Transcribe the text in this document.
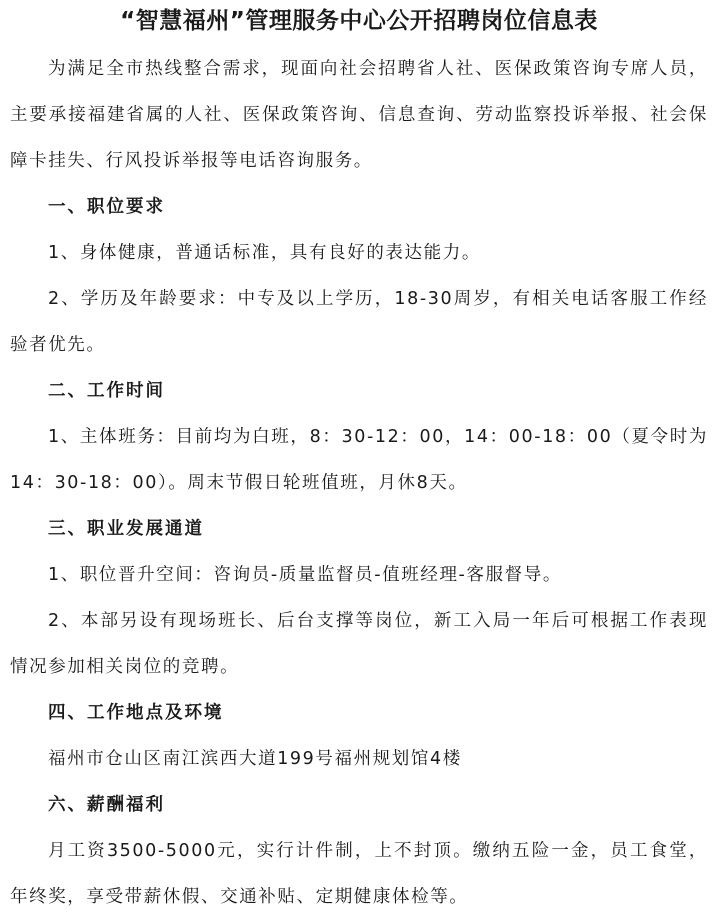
“智慧福州”管理服务中心公开招聘岗位信息表

为满足全市热线整合需求，现面向社会招聘省人社、医保政策咨询专席人员，主要承接福建省属的人社、医保政策咨询、信息查询、劳动监察投诉举报、社会保障卡挂失、行风投诉举报等电话咨询服务。

一、职位要求

1、身体健康，普通话标准，具有良好的表达能力。

2、学历及年龄要求：中专及以上学历，18-30周岁，有相关电话客服工作经验者优先。

二、工作时间

1、主体班务：目前均为白班，8：30-12：00，14：00-18：00（夏令时为14：30-18：00）。周末节假日轮班值班，月休8天。

三、职业发展通道

1、职位晋升空间：咨询员-质量监督员-值班经理-客服督导。

2、本部另设有现场班长、后台支撑等岗位，新工入局一年后可根据工作表现情况参加相关岗位的竞聘。

四、工作地点及环境

福州市仓山区南江滨西大道199号福州规划馆4楼

六、薪酬福利

月工资3500-5000元，实行计件制，上不封顶。缴纳五险一金，员工食堂，年终奖，享受带薪休假、交通补贴、定期健康体检等。
